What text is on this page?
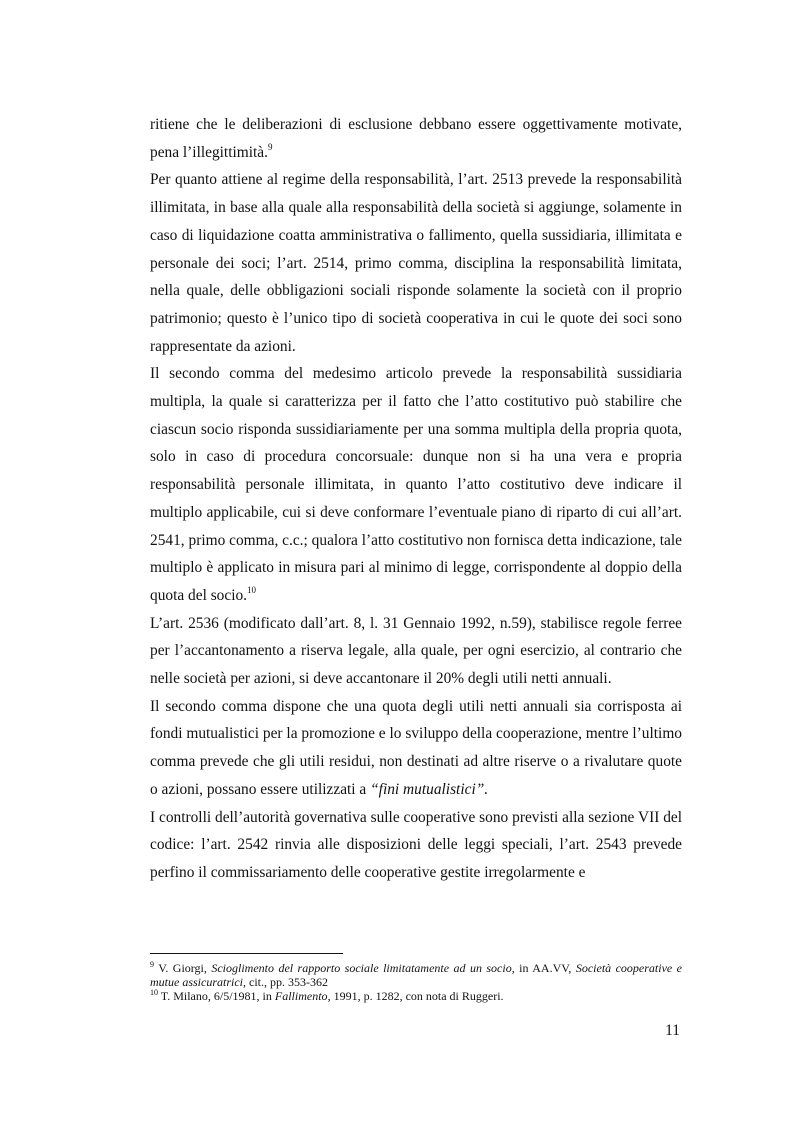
ritiene che le deliberazioni di esclusione debbano essere oggettivamente motivate, pena l’illegittimità.$^9$

Per quanto attiene al regime della responsabilità, l’art. 2513 prevede la responsabilità illimitata, in base alla quale alla responsabilità della società si aggiunge, solamente in caso di liquidazione coatta amministrativa o fallimento, quella sussidiaria, illimitata e personale dei soci; l’art. 2514, primo comma, disciplina la responsabilità limitata, nella quale, delle obbligazioni sociali risponde solamente la società con il proprio patrimonio; questo è l’unico tipo di società cooperativa in cui le quote dei soci sono rappresentate da azioni.

Il secondo comma del medesimo articolo prevede la responsabilità sussidiaria multipla, la quale si caratterizza per il fatto che l’atto costitutivo può stabilire che ciascun socio risponda sussidiariamente per una somma multipla della propria quota, solo in caso di procedura concorsuale: dunque non si ha una vera e propria responsabilità personale illimitata, in quanto l’atto costitutivo deve indicare il multiplo applicabile, cui si deve conformare l’eventuale piano di riparto di cui all’art. 2541, primo comma, c.c.; qualora l’atto costitutivo non fornisca detta indicazione, tale multiplo è applicato in misura pari al minimo di legge, corrispondente al doppio della quota del socio.$^{10}$

L’art. 2536 (modificato dall’art. 8, l. 31 Gennaio 1992, n.59), stabilisce regole ferree per l’accantonamento a riserva legale, alla quale, per ogni esercizio, al contrario che nelle società per azioni, si deve accantonare il 20% degli utili netti annuali.

Il secondo comma dispone che una quota degli utili netti annuali sia corrisposta ai fondi mutualistici per la promozione e lo sviluppo della cooperazione, mentre l’ultimo comma prevede che gli utili residui, non destinati ad altre riserve o a rivalutare quote o azioni, possano essere utilizzati a “fini mutualistici”.

I controlli dell’autorità governativa sulle cooperative sono previsti alla sezione VII del codice: l’art. 2542 rinvia alle disposizioni delle leggi speciali, l’art. 2543 prevede perfino il commissariamento delle cooperative gestite irregolarmente e

$^9$ V. Giorgi, Scioglimento del rapporto sociale limitatamente ad un socio, in AA.VV, Società cooperative e mutue assicuratrici, cit., pp. 353-362

$^{10}$ T. Milano, 6/5/1981, in Fallimento, 1991, p. 1282, con nota di Ruggeri.

11
